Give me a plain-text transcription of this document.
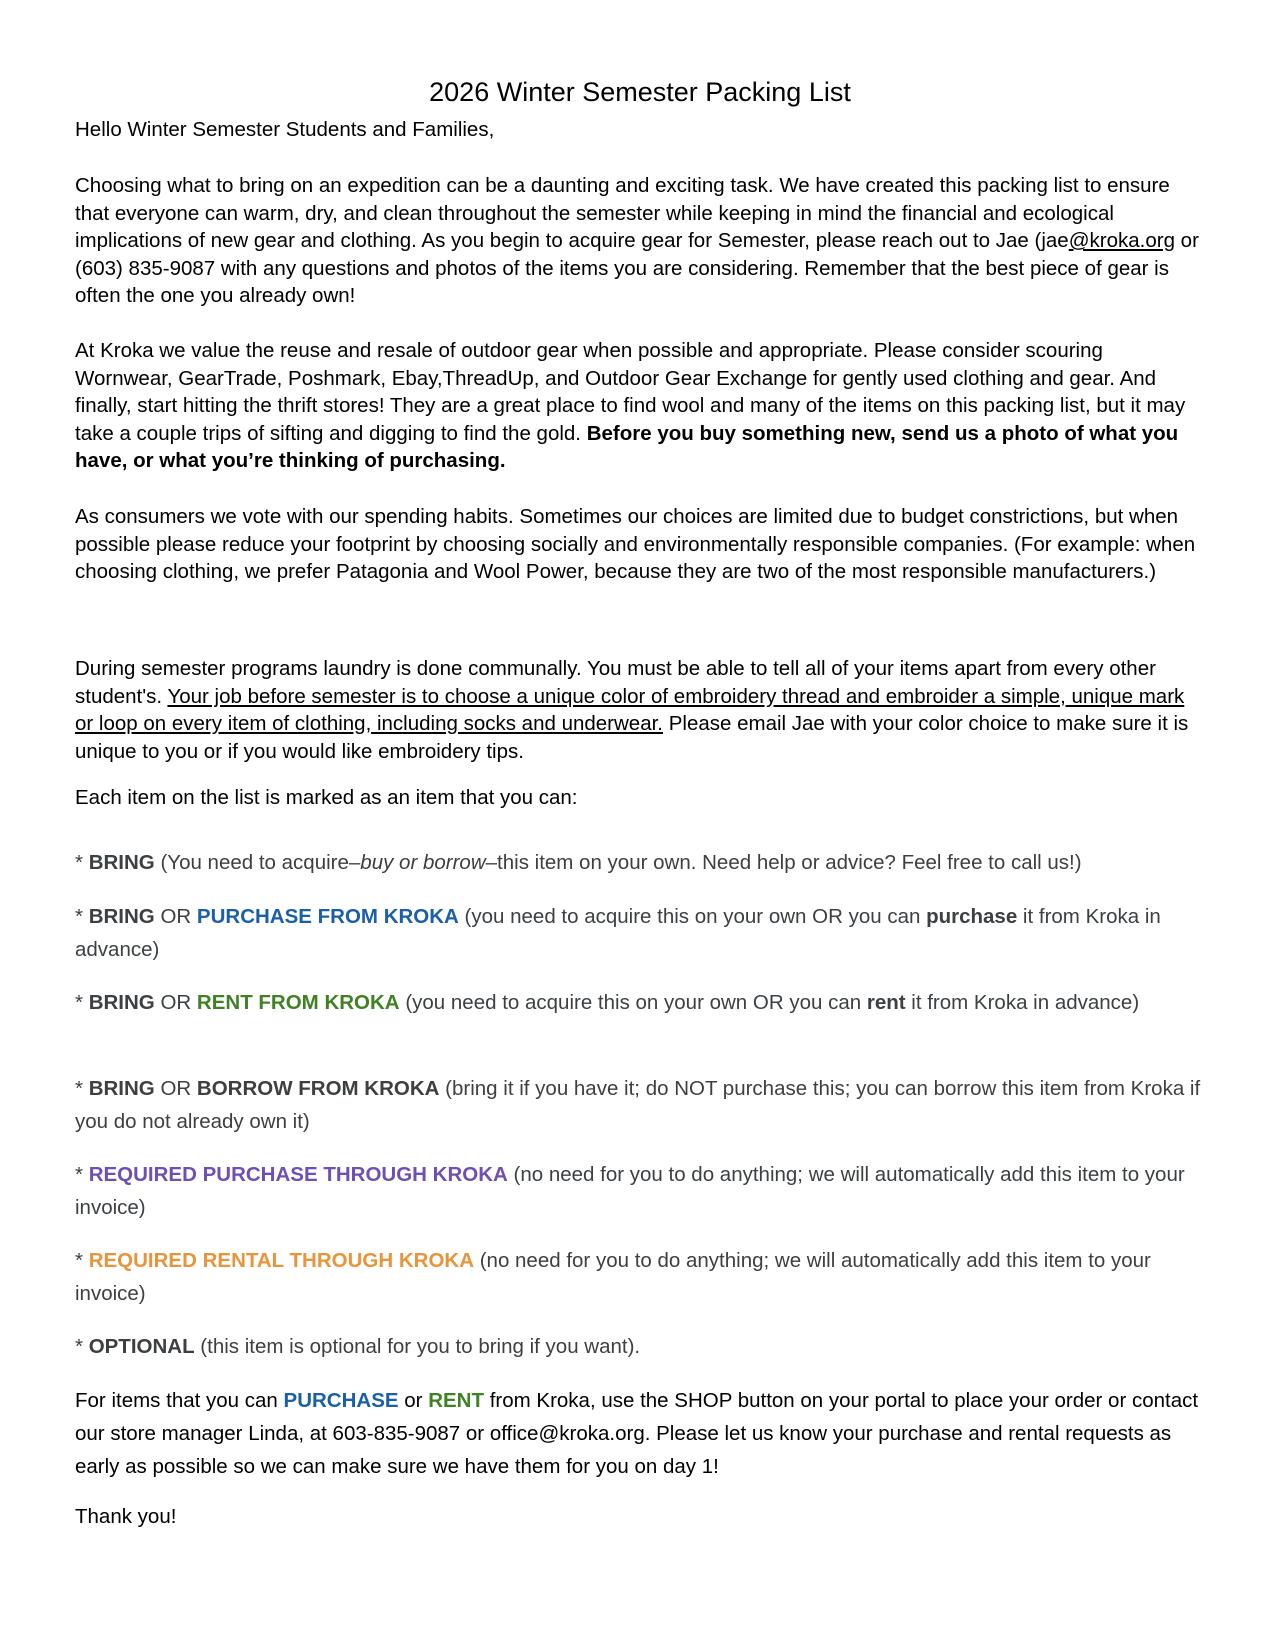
2026 Winter Semester Packing List

Hello Winter Semester Students and Families,

Choosing what to bring on an expedition can be a daunting and exciting task. We have created this packing list to ensure that everyone can warm, dry, and clean throughout the semester while keeping in mind the financial and ecological implications of new gear and clothing. As you begin to acquire gear for Semester, please reach out to Jae (jae@kroka.org or (603) 835-9087 with any questions and photos of the items you are considering. Remember that the best piece of gear is often the one you already own!

At Kroka we value the reuse and resale of outdoor gear when possible and appropriate. Please consider scouring Wornwear, GearTrade, Poshmark, Ebay,ThreadUp, and Outdoor Gear Exchange for gently used clothing and gear. And finally, start hitting the thrift stores! They are a great place to find wool and many of the items on this packing list, but it may take a couple trips of sifting and digging to find the gold. Before you buy something new, send us a photo of what you have, or what you’re thinking of purchasing.

As consumers we vote with our spending habits. Sometimes our choices are limited due to budget constrictions, but when possible please reduce your footprint by choosing socially and environmentally responsible companies. (For example: when choosing clothing, we prefer Patagonia and Wool Power, because they are two of the most responsible manufacturers.)

During semester programs laundry is done communally. You must be able to tell all of your items apart from every other student's. Your job before semester is to choose a unique color of embroidery thread and embroider a simple, unique mark or loop on every item of clothing, including socks and underwear. Please email Jae with your color choice to make sure it is unique to you or if you would like embroidery tips.

Each item on the list is marked as an item that you can:

* BRING (You need to acquire–buy or borrow–this item on your own. Need help or advice? Feel free to call us!)

* BRING OR PURCHASE FROM KROKA (you need to acquire this on your own OR you can purchase it from Kroka in advance)

* BRING OR RENT FROM KROKA (you need to acquire this on your own OR you can rent it from Kroka in advance)

* BRING OR BORROW FROM KROKA (bring it if you have it; do NOT purchase this; you can borrow this item from Kroka if you do not already own it)

* REQUIRED PURCHASE THROUGH KROKA (no need for you to do anything; we will automatically add this item to your invoice)

* REQUIRED RENTAL THROUGH KROKA (no need for you to do anything; we will automatically add this item to your invoice)

* OPTIONAL (this item is optional for you to bring if you want).

For items that you can PURCHASE or RENT from Kroka, use the SHOP button on your portal to place your order or contact our store manager Linda, at 603-835-9087 or office@kroka.org. Please let us know your purchase and rental requests as early as possible so we can make sure we have them for you on day 1!

Thank you!
